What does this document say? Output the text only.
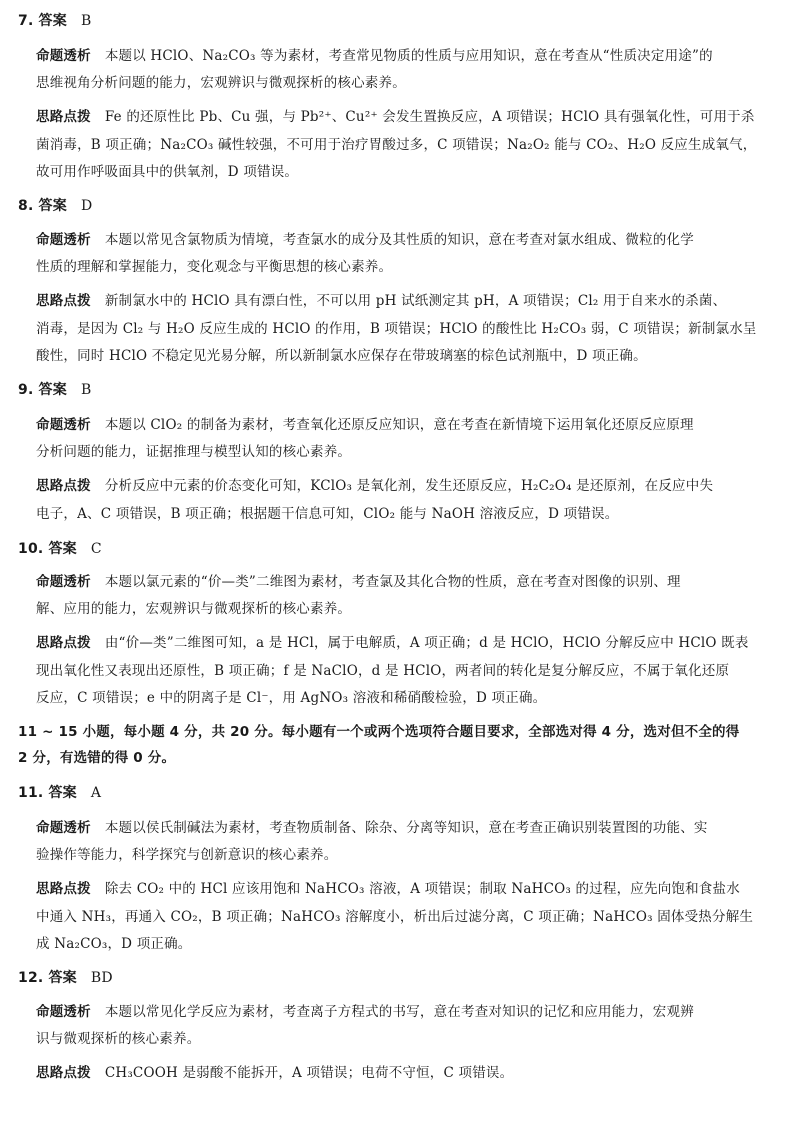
7. 答案 B
命题透析 本题以 HClO、Na₂CO₃ 等为素材，考查常见物质的性质与应用知识，意在考查从“性质决定用途”的
思维视角分析问题的能力，宏观辨识与微观探析的核心素养。
思路点拨 Fe 的还原性比 Pb、Cu 强，与 Pb²⁺、Cu²⁺ 会发生置换反应，A 项错误；HClO 具有强氧化性，可用于杀
菌消毒，B 项正确；Na₂CO₃ 碱性较强，不可用于治疗胃酸过多，C 项错误；Na₂O₂ 能与 CO₂、H₂O 反应生成氧气，
故可用作呼吸面具中的供氧剂，D 项错误。
8. 答案 D
命题透析 本题以常见含氯物质为情境，考查氯水的成分及其性质的知识，意在考查对氯水组成、微粒的化学
性质的理解和掌握能力，变化观念与平衡思想的核心素养。
思路点拨 新制氯水中的 HClO 具有漂白性，不可以用 pH 试纸测定其 pH，A 项错误；Cl₂ 用于自来水的杀菌、
消毒，是因为 Cl₂ 与 H₂O 反应生成的 HClO 的作用，B 项错误；HClO 的酸性比 H₂CO₃ 弱，C 项错误；新制氯水呈
酸性，同时 HClO 不稳定见光易分解，所以新制氯水应保存在带玻璃塞的棕色试剂瓶中，D 项正确。
9. 答案 B
命题透析 本题以 ClO₂ 的制备为素材，考查氧化还原反应知识，意在考查在新情境下运用氧化还原反应原理
分析问题的能力，证据推理与模型认知的核心素养。
思路点拨 分析反应中元素的价态变化可知，KClO₃ 是氧化剂，发生还原反应，H₂C₂O₄ 是还原剂，在反应中失
电子，A、C 项错误，B 项正确；根据题干信息可知，ClO₂ 能与 NaOH 溶液反应，D 项错误。
10. 答案 C
命题透析 本题以氯元素的“价—类”二维图为素材，考查氯及其化合物的性质，意在考查对图像的识别、理
解、应用的能力，宏观辨识与微观探析的核心素养。
思路点拨 由“价—类”二维图可知，a 是 HCl，属于电解质，A 项正确；d 是 HClO，HClO 分解反应中 HClO 既表
现出氧化性又表现出还原性，B 项正确；f 是 NaClO，d 是 HClO，两者间的转化是复分解反应，不属于氧化还原
反应，C 项错误；e 中的阴离子是 Cl⁻，用 AgNO₃ 溶液和稀硝酸检验，D 项正确。
11 ~ 15 小题，每小题 4 分，共 20 分。每小题有一个或两个选项符合题目要求，全部选对得 4 分，选对但不全的得
2 分，有选错的得 0 分。
11. 答案 A
命题透析 本题以侯氏制碱法为素材，考查物质制备、除杂、分离等知识，意在考查正确识别装置图的功能、实
验操作等能力，科学探究与创新意识的核心素养。
思路点拨 除去 CO₂ 中的 HCl 应该用饱和 NaHCO₃ 溶液，A 项错误；制取 NaHCO₃ 的过程，应先向饱和食盐水
中通入 NH₃，再通入 CO₂，B 项正确；NaHCO₃ 溶解度小，析出后过滤分离，C 项正确；NaHCO₃ 固体受热分解生
成 Na₂CO₃，D 项正确。
12. 答案 BD
命题透析 本题以常见化学反应为素材，考查离子方程式的书写，意在考查对知识的记忆和应用能力，宏观辨
识与微观探析的核心素养。
思路点拨 CH₃COOH 是弱酸不能拆开，A 项错误；电荷不守恒，C 项错误。
